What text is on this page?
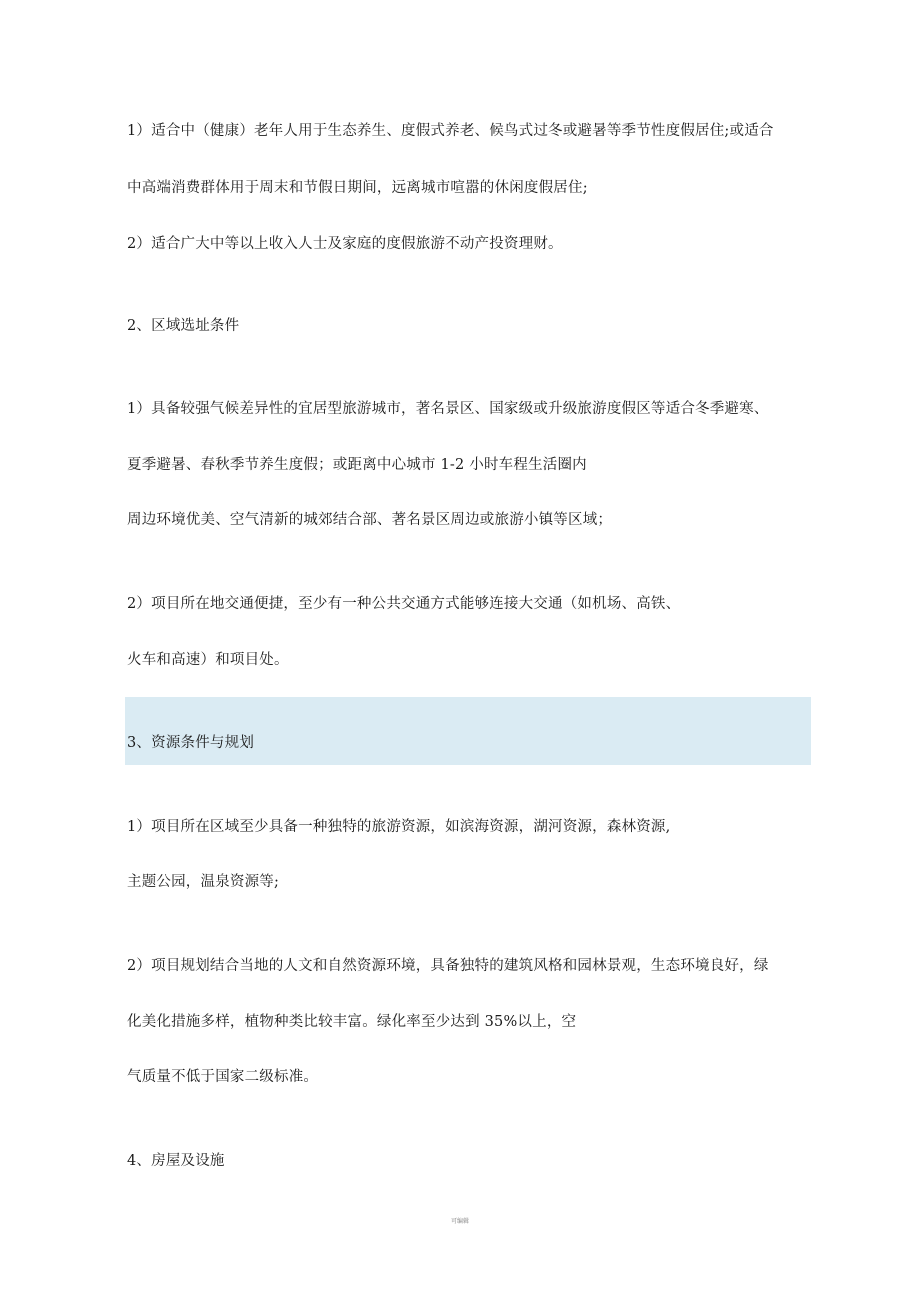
1）适合中（健康）老年人用于生态养生、度假式养老、候鸟式过冬或避暑等季节性度假居住;或适合
中高端消费群体用于周末和节假日期间，远离城市喧嚣的休闲度假居住;
2）适合广大中等以上收入人士及家庭的度假旅游不动产投资理财。
2、区域选址条件
1）具备较强气候差异性的宜居型旅游城市，著名景区、国家级或升级旅游度假区等适合冬季避寒、
夏季避暑、春秋季节养生度假；或距离中心城市 1-2 小时车程生活圈内
周边环境优美、空气清新的城郊结合部、著名景区周边或旅游小镇等区域；
2）项目所在地交通便捷，至少有一种公共交通方式能够连接大交通（如机场、高铁、
火车和高速）和项目处。
3、资源条件与规划
1）项目所在区域至少具备一种独特的旅游资源，如滨海资源，湖河资源，森林资源,
主题公园，温泉资源等;
2）项目规划结合当地的人文和自然资源环境，具备独特的建筑风格和园林景观，生态环境良好，绿
化美化措施多样，植物种类比较丰富。绿化率至少达到 35%以上，空
气质量不低于国家二级标准。
4、房屋及设施
可编辑
